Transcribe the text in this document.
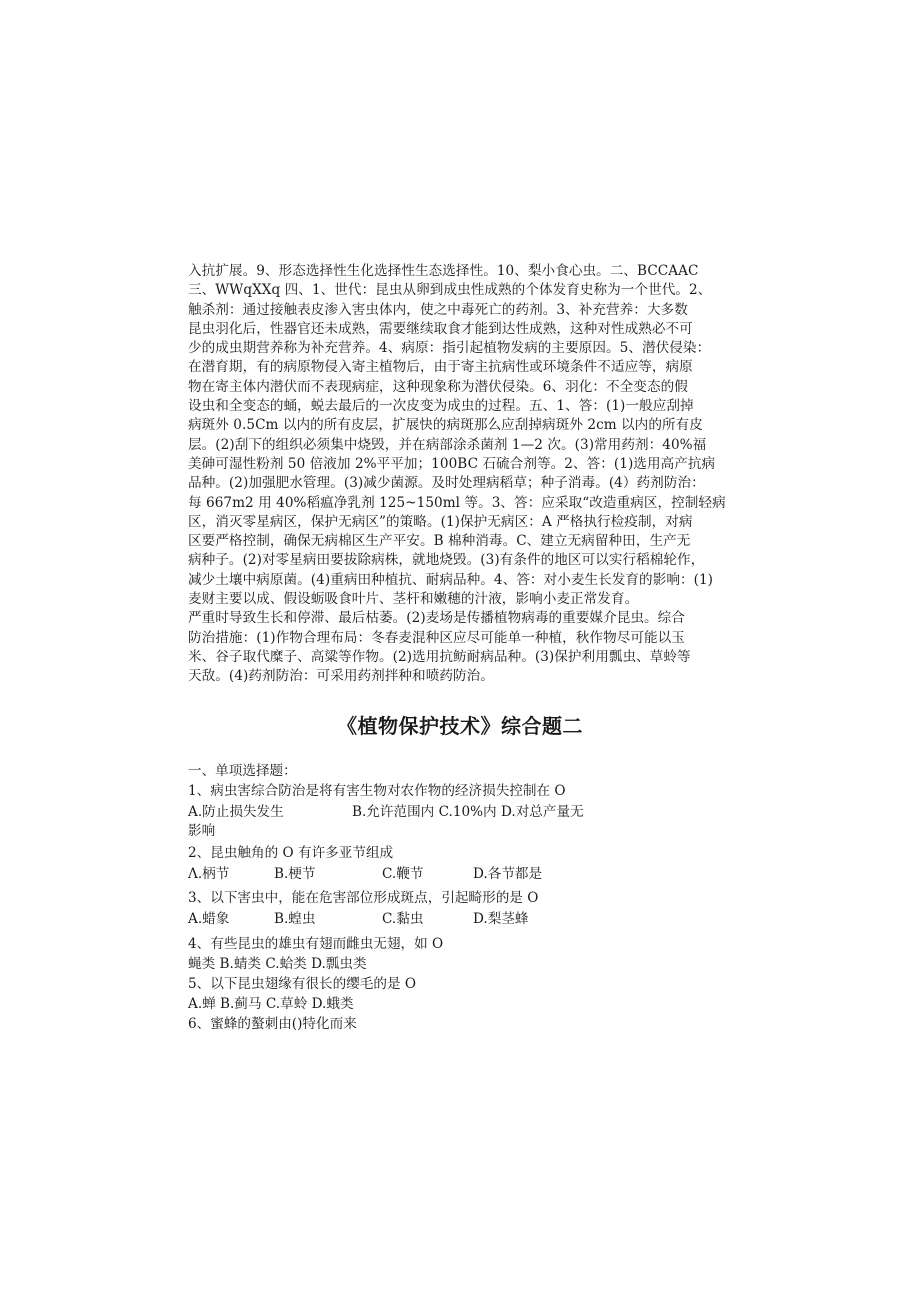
入抗扩展。9、形态选择性生化选择性生态选择性。10、梨小食心虫。二、BCCAAC
三、WWqXXq 四、1、世代：昆虫从卵到成虫性成熟的个体发育史称为一个世代。2、
触杀剂：通过接触表皮渗入害虫体内，使之中毒死亡的药剂。3、补充营养：大多数
昆虫羽化后，性器官还未成熟，需要继续取食才能到达性成熟，这种对性成熟必不可
少的成虫期营养称为补充营养。4、病原：指引起植物发病的主要原因。5、潜伏侵染：
在潜育期，有的病原物侵入寄主植物后，由于寄主抗病性或环境条件不适应等，病原
物在寄主体内潜伏而不表现病症，这种现象称为潜伏侵染。6、羽化：不全变态的假
设虫和全变态的蛹，蜕去最后的一次皮变为成虫的过程。五、1、答：(1)一般应刮掉
病斑外 0.5Cm 以内的所有皮层，扩展快的病斑那么应刮掉病斑外 2cm 以内的所有皮
层。(2)刮下的组织必须集中烧毁，并在病部涂杀菌剂 1—2 次。(3)常用药剂：40%福
美砷可湿性粉剂 50 倍液加 2%平平加；100BC 石硫合剂等。2、答：(1)选用高产抗病
品种。(2)加强肥水管理。(3)减少菌源。及时处理病稻草；种子消毒。(4）药剂防治：
每 667m2 用 40%稻瘟净乳剂 125~150ml 等。3、答：应采取“改造重病区，控制轻病
区，消灭零星病区，保护无病区”的策略。(1)保护无病区：A 严格执行检疫制，对病
区要严格控制，确保无病棉区生产平安。B 棉种消毒。C、建立无病留种田，生产无
病种子。(2)对零星病田要拔除病株，就地烧毁。(3)有条件的地区可以实行稻棉轮作，
减少土壤中病原菌。(4)重病田种植抗、耐病品种。4、答：对小麦生长发育的影响：(1)
麦财主要以成、假设蛎吸食叶片、茎杆和嫩穗的汁液，影响小麦正常发育。
严重时导致生长和停滞、最后枯萎。(2)麦场是传播植物病毒的重要媒介昆虫。综合
防治措施：(1)作物合理布局：冬春麦混种区应尽可能单一种植，秋作物尽可能以玉
米、谷子取代糜子、高粱等作物。(2)选用抗鲂耐病品种。(3)保护利用瓢虫、草蛉等
天敌。(4)药剂防治：可采用药剂拌种和喷药防治。
《植物保护技术》综合题二
一、单项选择题：
1、病虫害综合防治是将有害生物对农作物的经济损失控制在 O
A.防止损失发生	B.允许范围内 C.10%内 D.对总产量无
影响
2、昆虫触角的 O 有许多亚节组成
Λ.柄节	B.梗节	C.鞭节	D.各节都是
3、以下害虫中，能在危害部位形成斑点，引起畸形的是 O
A.蜡象	B.蝗虫	C.黏虫	D.梨茎蜂
4、有些昆虫的雄虫有翅而雌虫无翅，如 O
蝇类 B.蜻类 C.蛤类 D.瓢虫类
5、以下昆虫翅缘有很长的缨毛的是 O
A.蝉 B.蓟马 C.草蛉 D.蛾类
6、蜜蜂的螯刺由()特化而来
